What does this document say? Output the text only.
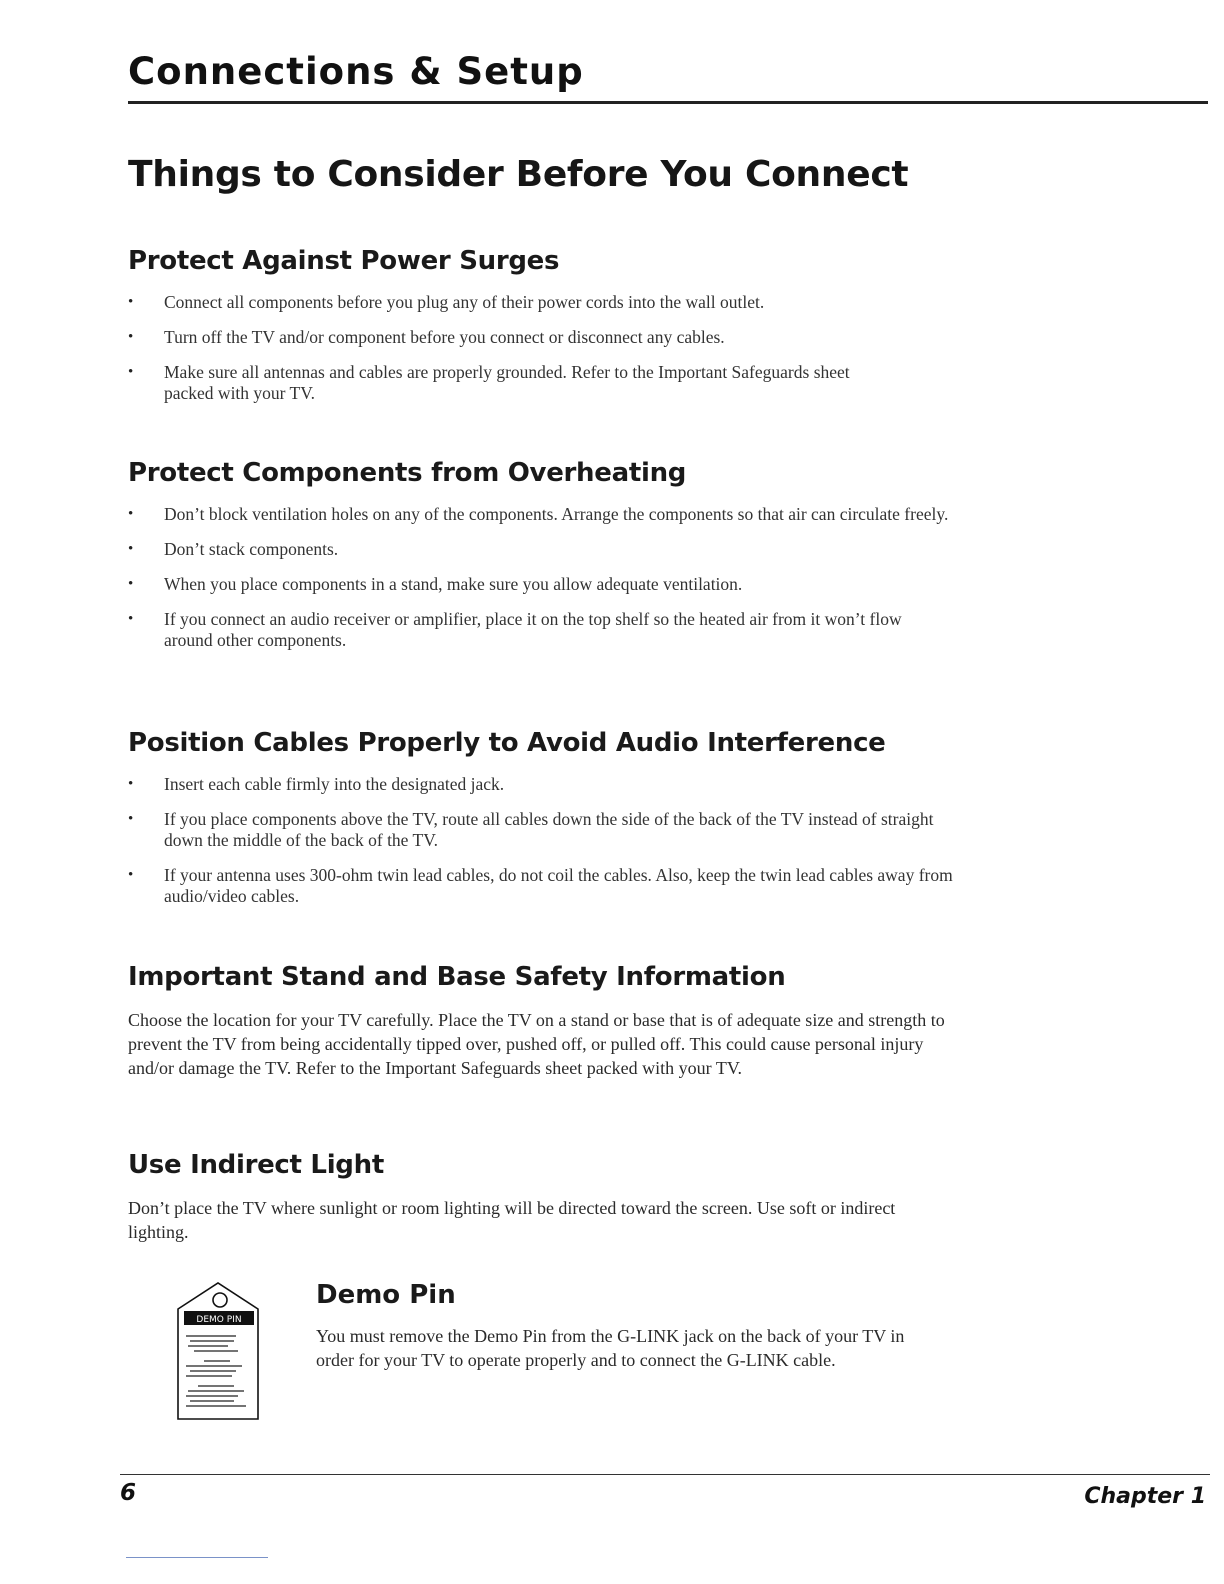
Connections & Setup
Things to Consider Before You Connect
Protect Against Power Surges
• Connect all components before you plug any of their power cords into the wall outlet.
• Turn off the TV and/or component before you connect or disconnect any cables.
• Make sure all antennas and cables are properly grounded. Refer to the Important Safeguards sheet packed with your TV.
Protect Components from Overheating
• Don’t block ventilation holes on any of the components. Arrange the components so that air can circulate freely.
• Don’t stack components.
• When you place components in a stand, make sure you allow adequate ventilation.
• If you connect an audio receiver or amplifier, place it on the top shelf so the heated air from it won’t flow around other components.
Position Cables Properly to Avoid Audio Interference
• Insert each cable firmly into the designated jack.
• If you place components above the TV, route all cables down the side of the back of the TV instead of straight down the middle of the back of the TV.
• If your antenna uses 300-ohm twin lead cables, do not coil the cables. Also, keep the twin lead cables away from audio/video cables.
Important Stand and Base Safety Information

Choose the location for your TV carefully. Place the TV on a stand or base that is of adequate size and strength to prevent the TV from being accidentally tipped over, pushed off, or pulled off. This could cause personal injury and/or damage the TV. Refer to the Important Safeguards sheet packed with your TV.

Use Indirect Light

Don’t place the TV where sunlight or room lighting will be directed toward the screen. Use soft or indirect lighting.

DEMO PIN
Demo Pin

You must remove the Demo Pin from the G-LINK jack on the back of your TV in order for your TV to operate properly and to connect the G-LINK cable.

6	Chapter 1
